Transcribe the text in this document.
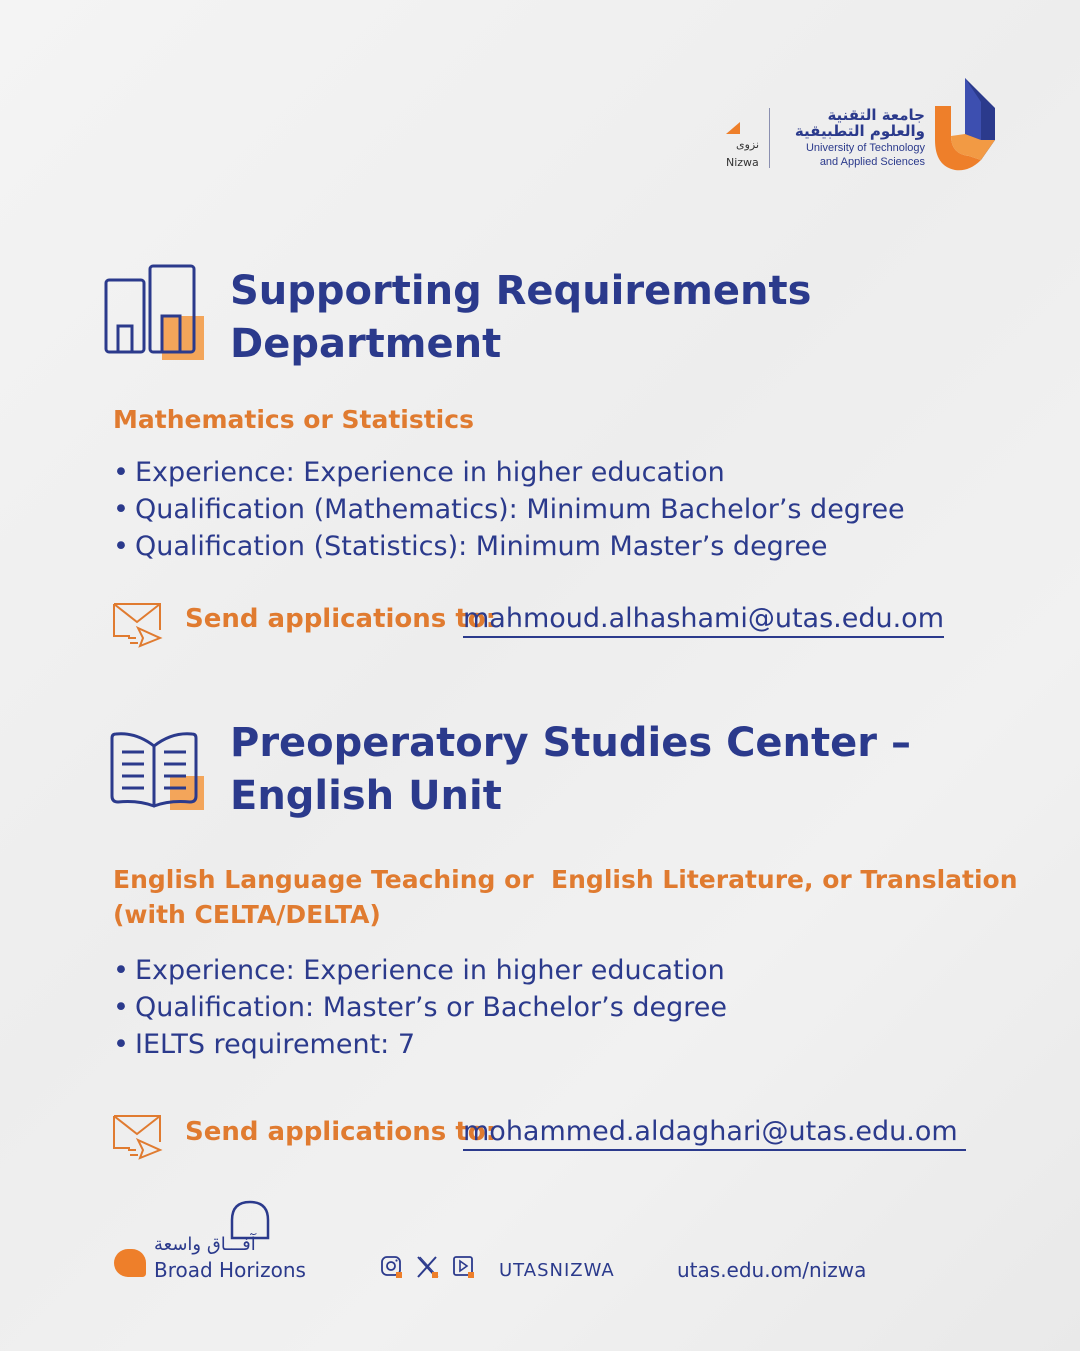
نزوى
Nizwa
جامعة التقنية
والعلوم التطبيقية
University of Technology
and Applied Sciences
Supporting Requirements
Department
Mathematics or Statistics
• Experience: Experience in higher education
• Qualification (Mathematics): Minimum Bachelor’s degree
• Qualification (Statistics): Minimum Master’s degree
Send applications to:
mahmoud.alhashami@utas.edu.om
Preoperatory Studies Center –
English Unit
English Language Teaching or  English Literature, or Translation
(with CELTA/DELTA)
• Experience: Experience in higher education
• Qualification: Master’s or Bachelor’s degree
• IELTS requirement: 7
Send applications to:
mohammed.aldaghari@utas.edu.om
آفـــاق واسعة
Broad Horizons	UTASNIZWA	utas.edu.om/nizwa
